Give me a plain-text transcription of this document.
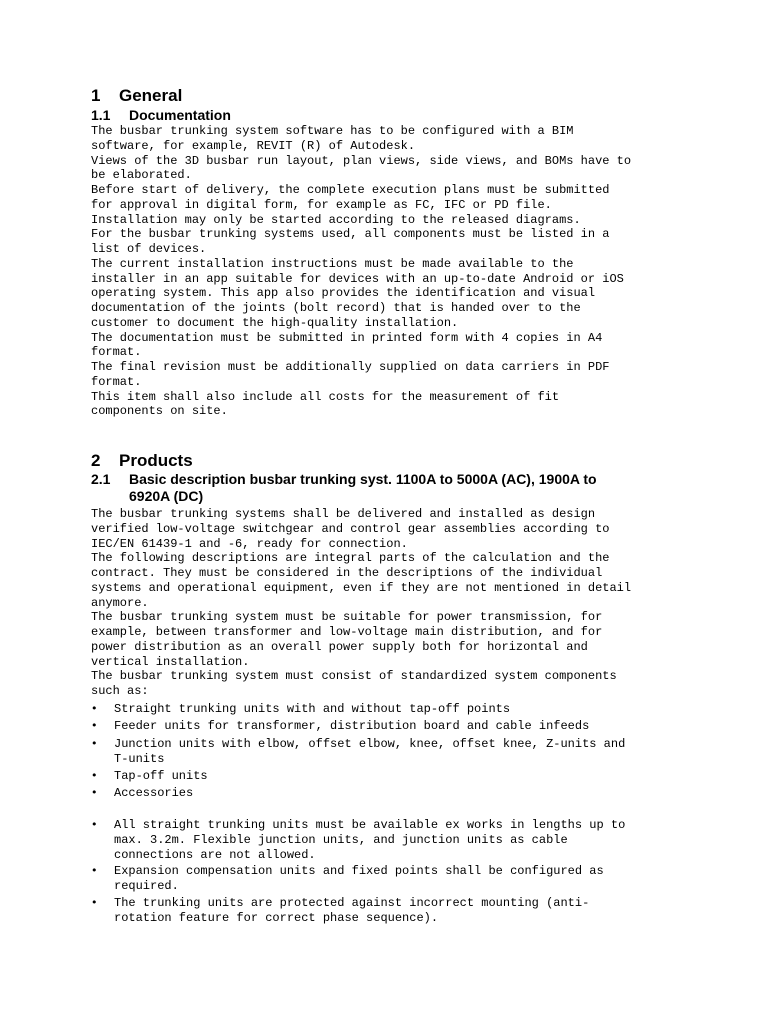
1 General
1.1 Documentation
The busbar trunking system software has to be configured with a BIM
software, for example, REVIT (R) of Autodesk.
Views of the 3D busbar run layout, plan views, side views, and BOMs have to
be elaborated.
Before start of delivery, the complete execution plans must be submitted
for approval in digital form, for example as FC, IFC or PD file.
Installation may only be started according to the released diagrams.
For the busbar trunking systems used, all components must be listed in a
list of devices.
The current installation instructions must be made available to the
installer in an app suitable for devices with an up-to-date Android or iOS
operating system. This app also provides the identification and visual
documentation of the joints (bolt record) that is handed over to the
customer to document the high-quality installation.
The documentation must be submitted in printed form with 4 copies in A4
format.
The final revision must be additionally supplied on data carriers in PDF
format.
This item shall also include all costs for the measurement of fit
components on site.
2 Products
2.1 Basic description busbar trunking syst. 1100A to 5000A (AC), 1900A to
6920A (DC)
The busbar trunking systems shall be delivered and installed as design
verified low-voltage switchgear and control gear assemblies according to
IEC/EN 61439-1 and -6, ready for connection.
The following descriptions are integral parts of the calculation and the
contract. They must be considered in the descriptions of the individual
systems and operational equipment, even if they are not mentioned in detail
anymore.
The busbar trunking system must be suitable for power transmission, for
example, between transformer and low-voltage main distribution, and for
power distribution as an overall power supply both for horizontal and
vertical installation.
The busbar trunking system must consist of standardized system components
such as:
•	Straight trunking units with and without tap-off points
•	Feeder units for transformer, distribution board and cable infeeds
•	Junction units with elbow, offset elbow, knee, offset knee, Z-units and
T-units
•	Tap-off units
•	Accessories
•	All straight trunking units must be available ex works in lengths up to
max. 3.2m. Flexible junction units, and junction units as cable
connections are not allowed.
•	Expansion compensation units and fixed points shall be configured as
required.
•	The trunking units are protected against incorrect mounting (anti-
rotation feature for correct phase sequence).
